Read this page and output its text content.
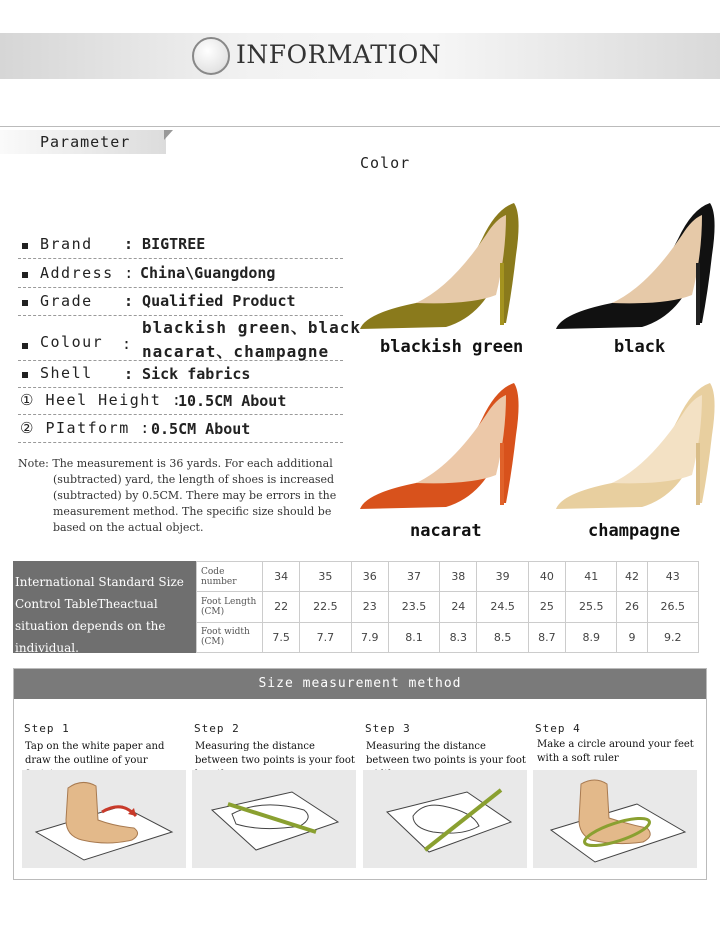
INFORMATION
Parameter
Color
Brand : BIGTREE
Address : China\Guangdong
Grade : Qualified Product
Colour :
blackish green、black
nacarat、champagne
Shell : Sick fabrics
① Heel Height :
10.5CM About
② PIatform : 0.5CM About
Note: The measurement is 36 yards. For each additional
(subtracted) yard, the length of shoes is increased
(subtracted) by 0.5CM. There may be errors in the
measurement method. The specific size should be
based on the actual object.
blackish green	black
nacarat	champagne
International Standard Size Control TableTheactual situation depends on the individual.
Code number	34	35	36	37	38	39	40	41	42	43
Foot Length (CM)	22	22.5	23	23.5	24	24.5	25	25.5	26	26.5
Foot width (CM)	7.5	7.7	7.9	8.1	8.3	8.5	8.7	8.9	9	9.2
Size measurement method
Step 1
Tap on the white paper and draw the outline of your
Step 2
Measuring the distance between two points is your foot
Step 3
Measuring the distance between two points is your foot
Step 4
Make a circle around your feet with a soft ruler
